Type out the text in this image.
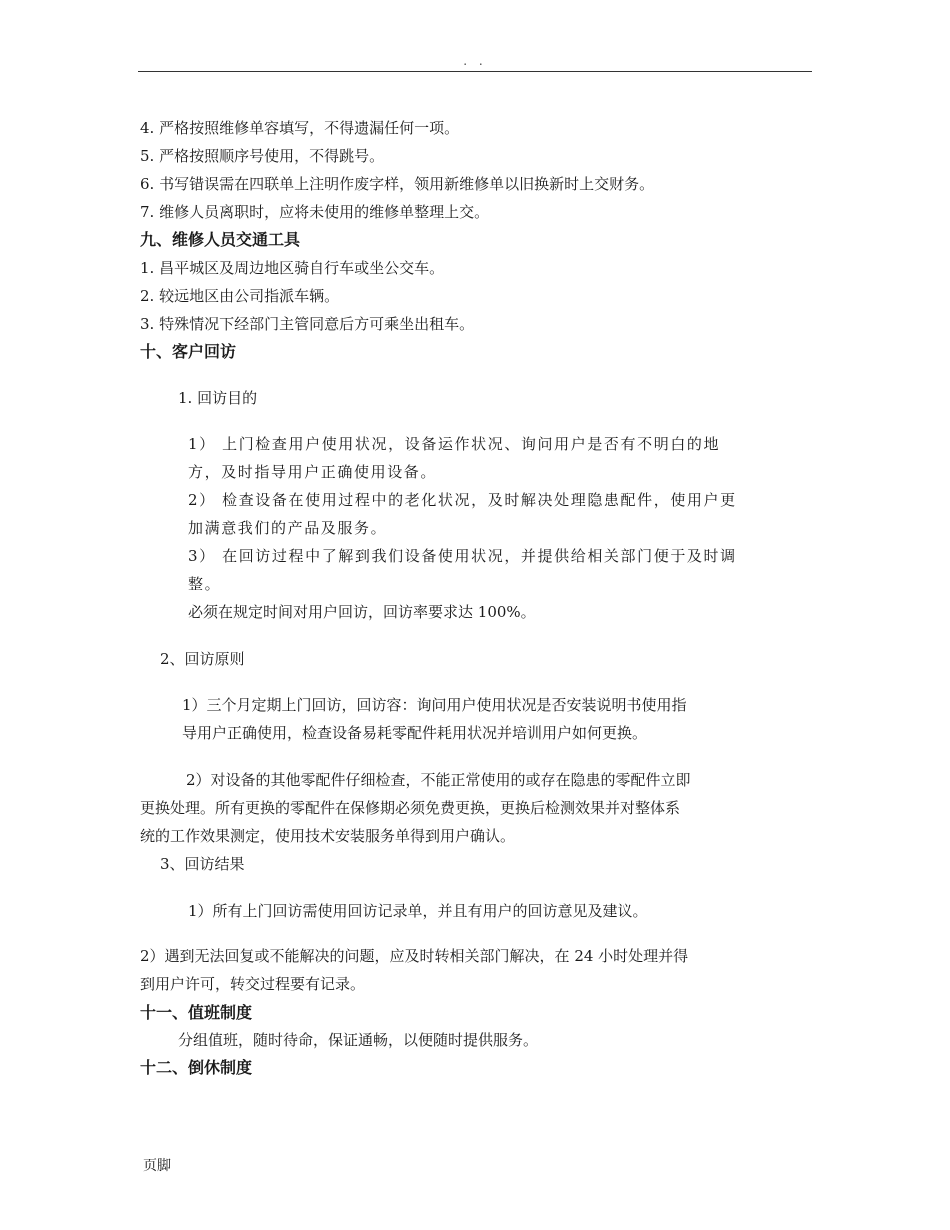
. .
4. 严格按照维修单容填写，不得遗漏任何一项。
5. 严格按照顺序号使用，不得跳号。
6. 书写错误需在四联单上注明作废字样，领用新维修单以旧换新时上交财务。
7. 维修人员离职时，应将未使用的维修单整理上交。
九、维修人员交通工具
1. 昌平城区及周边地区骑自行车或坐公交车。
2. 较远地区由公司指派车辆。
3. 特殊情况下经部门主管同意后方可乘坐出租车。
十、客户回访
1. 回访目的
1） 上门检查用户使用状况，设备运作状况、询问用户是否有不明白的地
方，及时指导用户正确使用设备。
2） 检查设备在使用过程中的老化状况，及时解决处理隐患配件，使用户更
加满意我们的产品及服务。
3） 在回访过程中了解到我们设备使用状况，并提供给相关部门便于及时调
整。
必须在规定时间对用户回访，回访率要求达 100%。
2、回访原则
1）三个月定期上门回访，回访容：询问用户使用状况是否安装说明书使用指
导用户正确使用，检查设备易耗零配件耗用状况并培训用户如何更换。
2）对设备的其他零配件仔细检查，不能正常使用的或存在隐患的零配件立即
更换处理。所有更换的零配件在保修期必须免费更换，更换后检测效果并对整体系
统的工作效果测定，使用技术安装服务单得到用户确认。
3、回访结果
1）所有上门回访需使用回访记录单，并且有用户的回访意见及建议。
2）遇到无法回复或不能解决的问题，应及时转相关部门解决，在 24 小时处理并得
到用户许可，转交过程要有记录。
十一、值班制度
分组值班，随时待命，保证通畅，以便随时提供服务。
十二、倒休制度
页脚
